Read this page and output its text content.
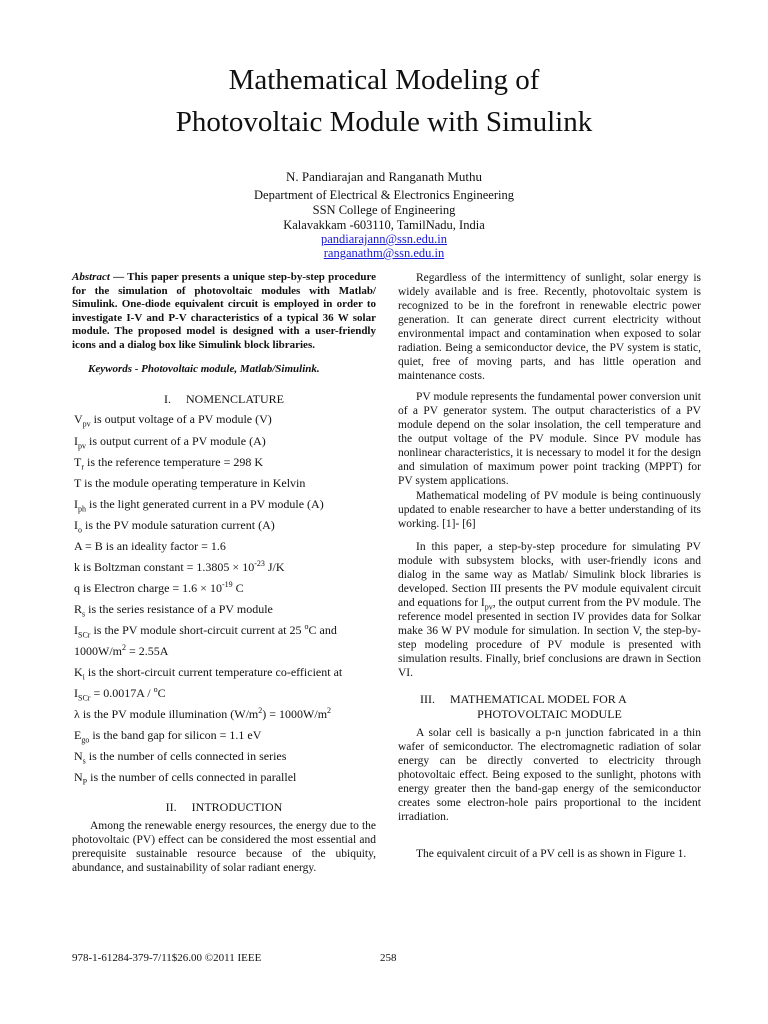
Mathematical Modeling of
Photovoltaic Module with Simulink
N. Pandiarajan and Ranganath Muthu
Department of Electrical & Electronics Engineering
SSN College of Engineering
Kalavakkam -603110, TamilNadu, India
pandiarajann@ssn.edu.in
ranganathm@ssn.edu.in
Abstract — This paper presents a unique step-by-step procedure for the simulation of photovoltaic modules with Matlab/ Simulink. One-diode equivalent circuit is employed in order to investigate I-V and P-V characteristics of a typical 36 W solar module. The proposed model is designed with a user-friendly icons and a dialog box like Simulink block libraries.
Keywords - Photovoltaic module, Matlab/Simulink.
I. NOMENCLATURE
$V_{pv}$ is output voltage of a PV module (V)
$I_{pv}$ is output current of a PV module (A)
$T_r$ is the reference temperature = 298 K
T is the module operating temperature in Kelvin
$I_{ph}$ is the light generated current in a PV module (A)
$I_o$ is the PV module saturation current (A)
A = B is an ideality factor = 1.6
k is Boltzman constant = $1.3805 \times 10^{-23}$ J/K
q is Electron charge = $1.6 \times 10^{-19}$ C
$R_s$ is the series resistance of a PV module
$I_{SCr}$ is the PV module short-circuit current at 25 $^o$C and
$1000W/m^2 = 2.55A$
$K_i$ is the short-circuit current temperature co-efficient at
$I_{SCr} = 0.0017A / ^oC$
λ is the PV module illumination $(W/m^2) = 1000W/m^2$
$E_{go}$ is the band gap for silicon = 1.1 eV
$N_s$ is the number of cells connected in series
$N_P$ is the number of cells connected in parallel
II. INTRODUCTION

Among the renewable energy resources, the energy due to the photovoltaic (PV) effect can be considered the most essential and prerequisite sustainable resource because of the ubiquity, abundance, and sustainability of solar radiant energy.

Regardless of the intermittency of sunlight, solar energy is widely available and is free. Recently, photovoltaic system is recognized to be in the forefront in renewable electric power generation. It can generate direct current electricity without environmental impact and contamination when exposed to solar radiation. Being a semiconductor device, the PV system is static, quiet, free of moving parts, and has little operation and maintenance costs.

PV module represents the fundamental power conversion unit of a PV generator system. The output characteristics of a PV module depend on the solar insolation, the cell temperature and the output voltage of the PV module. Since PV module has nonlinear characteristics, it is necessary to model it for the design and simulation of maximum power point tracking (MPPT) for PV system applications.

Mathematical modeling of PV module is being continuously updated to enable researcher to have a better understanding of its working. [1]- [6]

In this paper, a step-by-step procedure for simulating PV module with subsystem blocks, with user-friendly icons and dialog in the same way as Matlab/ Simulink block libraries is developed. Section III presents the PV module equivalent circuit and equations for $I_{pv}$, the output current from the PV module. The reference model presented in section IV provides data for Solkar make 36 W PV module for simulation. In section V, the step-by-step modeling procedure of PV module is presented with simulation results. Finally, brief conclusions are drawn in Section VI.

III. MATHEMATICAL MODEL FOR A
PHOTOVOLTAIC MODULE

A solar cell is basically a p-n junction fabricated in a thin wafer of semiconductor. The electromagnetic radiation of solar energy can be directly converted to electricity through photovoltaic effect. Being exposed to the sunlight, photons with energy greater then the band-gap energy of the semiconductor creates some electron-hole pairs proportional to the incident irradiation.

The equivalent circuit of a PV cell is as shown in Figure 1.

978-1-61284-379-7/11$26.00 ©2011 IEEE	258
